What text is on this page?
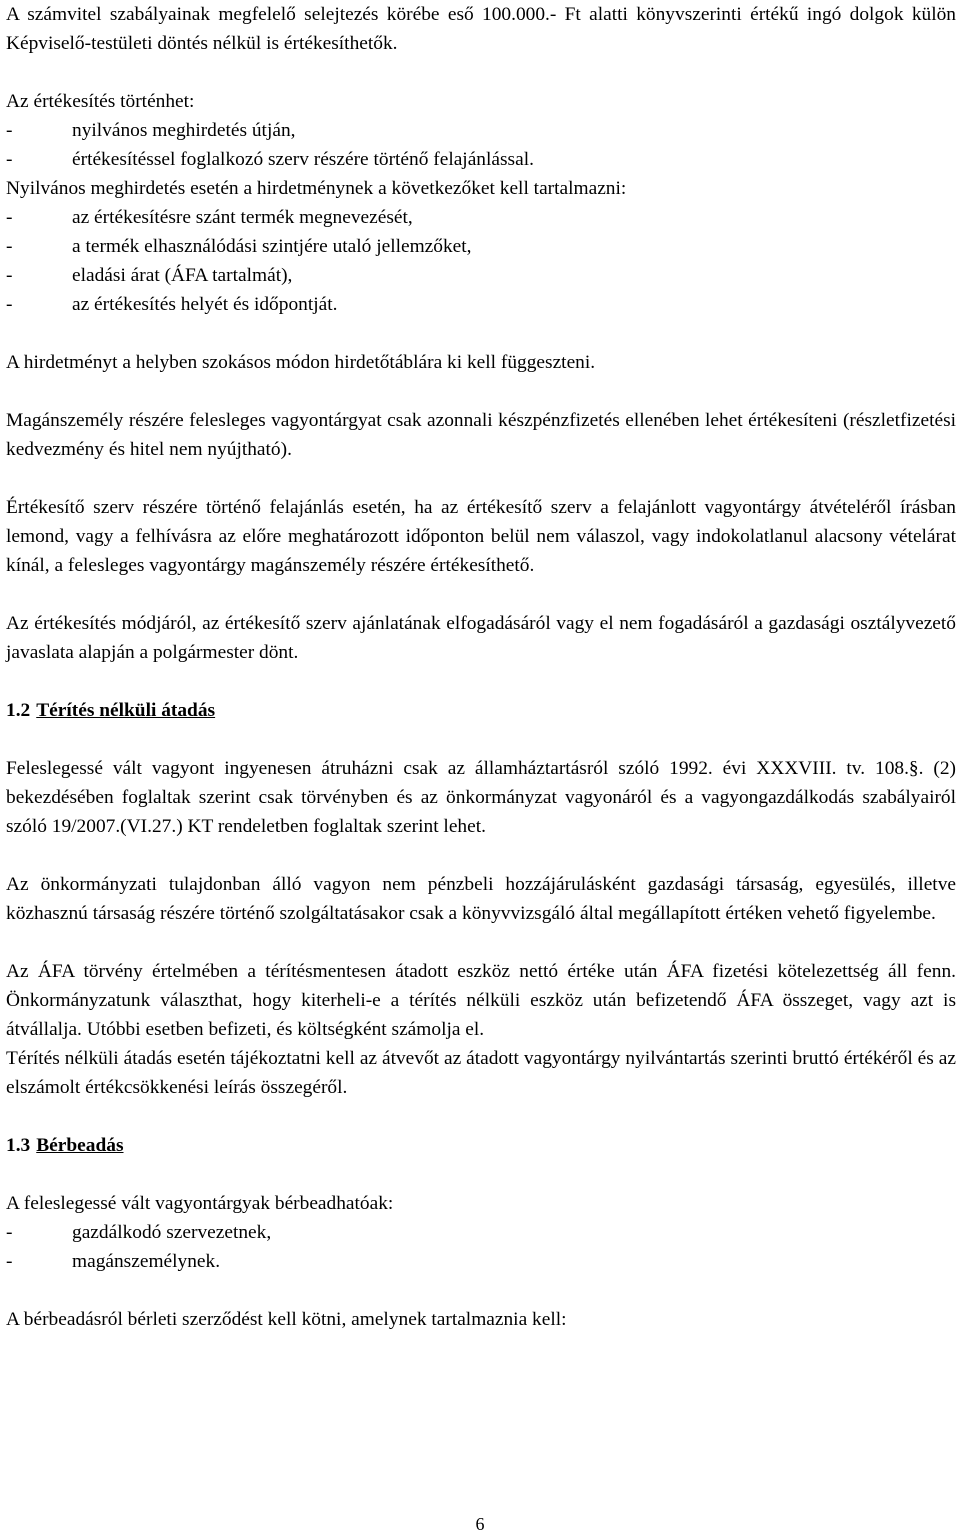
A számvitel szabályainak megfelelő selejtezés körébe eső 100.000.- Ft alatti könyvszerinti értékű ingó dolgok külön Képviselő-testületi döntés nélkül is értékesíthetők.

Az értékesítés történhet:

-	nyilvános meghirdetés útján,
-	értékesítéssel foglalkozó szerv részére történő felajánlással.

Nyilvános meghirdetés esetén a hirdetménynek a következőket kell tartalmazni:

-	az értékesítésre szánt termék megnevezését,
-	a termék elhasználódási szintjére utaló jellemzőket,
-	eladási árat (ÁFA tartalmát),
-	az értékesítés helyét és időpontját.

A hirdetményt a helyben szokásos módon hirdetőtáblára ki kell függeszteni.

Magánszemély részére felesleges vagyontárgyat csak azonnali készpénzfizetés ellenében lehet értékesíteni (részletfizetési kedvezmény és hitel nem nyújtható).

Értékesítő szerv részére történő felajánlás esetén, ha az értékesítő szerv a felajánlott vagyontárgy átvételéről írásban lemond, vagy a felhívásra az előre meghatározott időponton belül nem válaszol, vagy indokolatlanul alacsony vételárat kínál, a felesleges vagyontárgy magánszemély részére értékesíthető.

Az értékesítés módjáról, az értékesítő szerv ajánlatának elfogadásáról vagy el nem fogadásáról a gazdasági osztályvezető javaslata alapján a polgármester dönt.

1.2 Térítés nélküli átadás

Feleslegessé vált vagyont ingyenesen átruházni csak az államháztartásról szóló 1992. évi XXXVIII. tv. 108.§. (2) bekezdésében foglaltak szerint csak törvényben és az önkormányzat vagyonáról és a vagyongazdálkodás szabályairól szóló 19/2007.(VI.27.) KT rendeletben foglaltak szerint lehet.

Az önkormányzati tulajdonban álló vagyon nem pénzbeli hozzájárulásként gazdasági társaság, egyesülés, illetve közhasznú társaság részére történő szolgáltatásakor csak a könyvvizsgáló által megállapított értéken vehető figyelembe.

Az ÁFA törvény értelmében a térítésmentesen átadott eszköz nettó értéke után ÁFA fizetési kötelezettség áll fenn. Önkormányzatunk választhat, hogy kiterheli-e a térítés nélküli eszköz után befizetendő ÁFA összeget, vagy azt is átvállalja. Utóbbi esetben befizeti, és költségként számolja el.

Térítés nélküli átadás esetén tájékoztatni kell az átvevőt az átadott vagyontárgy nyilvántartás szerinti bruttó értékéről és az elszámolt értékcsökkenési leírás összegéről.

1.3 Bérbeadás

A feleslegessé vált vagyontárgyak bérbeadhatóak:

-	gazdálkodó szervezetnek,
-	magánszemélynek.

A bérbeadásról bérleti szerződést kell kötni, amelynek tartalmaznia kell:

6
